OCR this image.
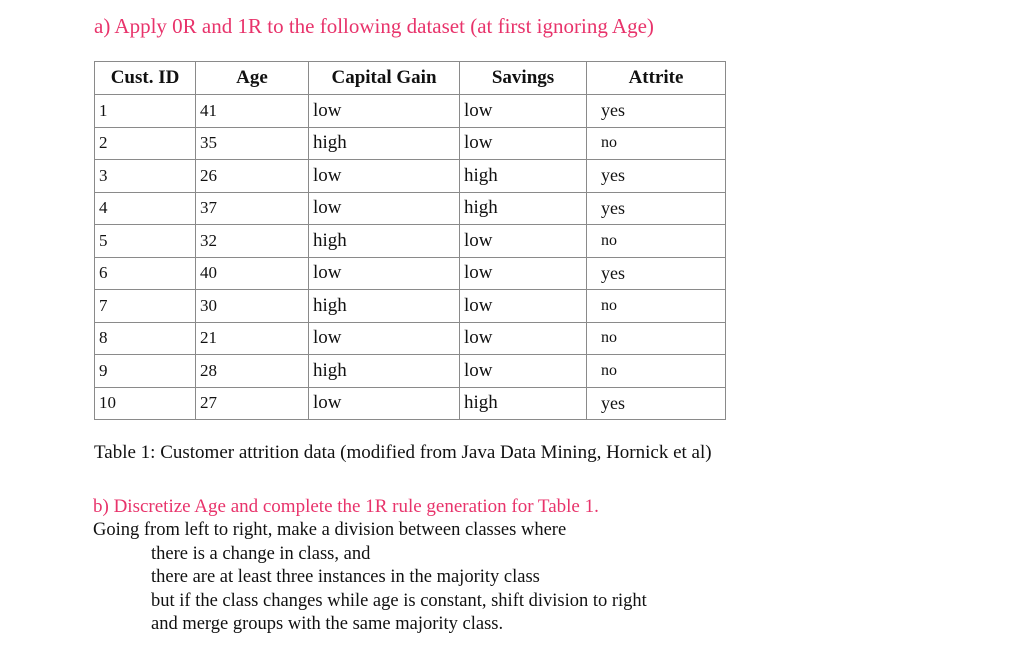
a) Apply 0R and 1R to the following dataset (at first ignoring Age)
Cust. ID	Age	Capital Gain	Savings	Attrite
1	41	low	low	yes
2	35	high	low	no
3	26	low	high	yes
4	37	low	high	yes
5	32	high	low	no
6	40	low	low	yes
7	30	high	low	no
8	21	low	low	no
9	28	high	low	no
10	27	low	high	yes
Table 1: Customer attrition data (modified from Java Data Mining, Hornick et al)
b) Discretize Age and complete the 1R rule generation for Table 1.
Going from left to right, make a division between classes where
there is a change in class, and
there are at least three instances in the majority class
but if the class changes while age is constant, shift division to right
and merge groups with the same majority class.
